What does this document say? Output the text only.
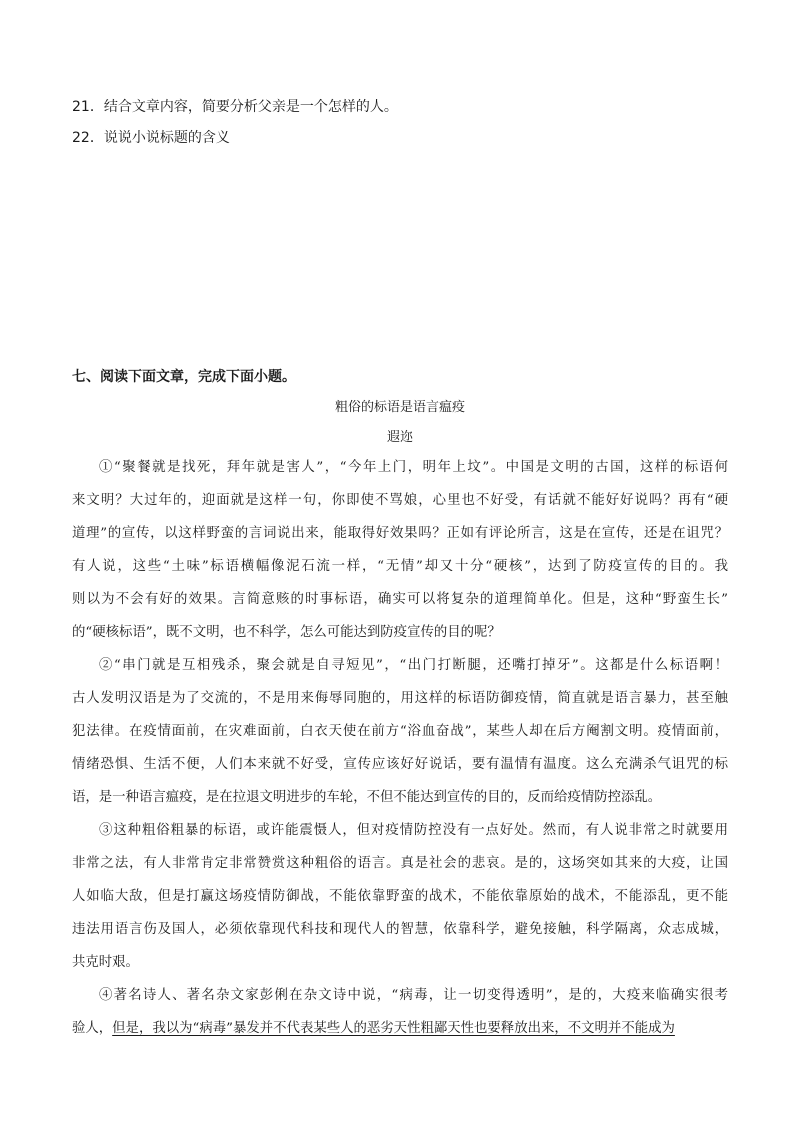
21．结合文章内容，简要分析父亲是一个怎样的人。
22．说说小说标题的含义
七、阅读下面文章，完成下面小题。
粗俗的标语是语言瘟疫
遐迩
①“聚餐就是找死，拜年就是害人”，“今年上门，明年上坟”。中国是文明的古国，这样的标语何
来文明？大过年的，迎面就是这样一句，你即使不骂娘，心里也不好受，有话就不能好好说吗？再有“硬
道理”的宣传，以这样野蛮的言词说出来，能取得好效果吗？正如有评论所言，这是在宣传，还是在诅咒？
有人说，这些“土味”标语横幅像泥石流一样，“无情”却又十分“硬核”，达到了防疫宣传的目的。我
则以为不会有好的效果。言简意赅的时事标语，确实可以将复杂的道理简单化。但是，这种“野蛮生长”
的“硬核标语”，既不文明，也不科学，怎么可能达到防疫宣传的目的呢？
②“串门就是互相残杀，聚会就是自寻短见”，“出门打断腿，还嘴打掉牙”。这都是什么标语啊！
古人发明汉语是为了交流的，不是用来侮辱同胞的，用这样的标语防御疫情，简直就是语言暴力，甚至触
犯法律。在疫情面前，在灾难面前，白衣天使在前方“浴血奋战”，某些人却在后方阉割文明。疫情面前，
情绪恐惧、生活不便，人们本来就不好受，宣传应该好好说话，要有温情有温度。这么充满杀气诅咒的标
语，是一种语言瘟疫，是在拉退文明进步的车轮，不但不能达到宣传的目的，反而给疫情防控添乱。
③这种粗俗粗暴的标语，或许能震慑人，但对疫情防控没有一点好处。然而，有人说非常之时就要用
非常之法，有人非常肯定非常赞赏这种粗俗的语言。真是社会的悲哀。是的，这场突如其来的大疫，让国
人如临大敌，但是打赢这场疫情防御战，不能依靠野蛮的战术，不能依靠原始的战术，不能添乱，更不能
违法用语言伤及国人，必须依靠现代科技和现代人的智慧，依靠科学，避免接触，科学隔离，众志成城，
共克时艰。
④著名诗人、著名杂文家彭俐在杂文诗中说，“病毒，让一切变得透明”，是的，大疫来临确实很考
验人，但是，我以为“病毒”暴发并不代表某些人的恶劣天性粗鄙天性也要释放出来，不文明并不能成为
